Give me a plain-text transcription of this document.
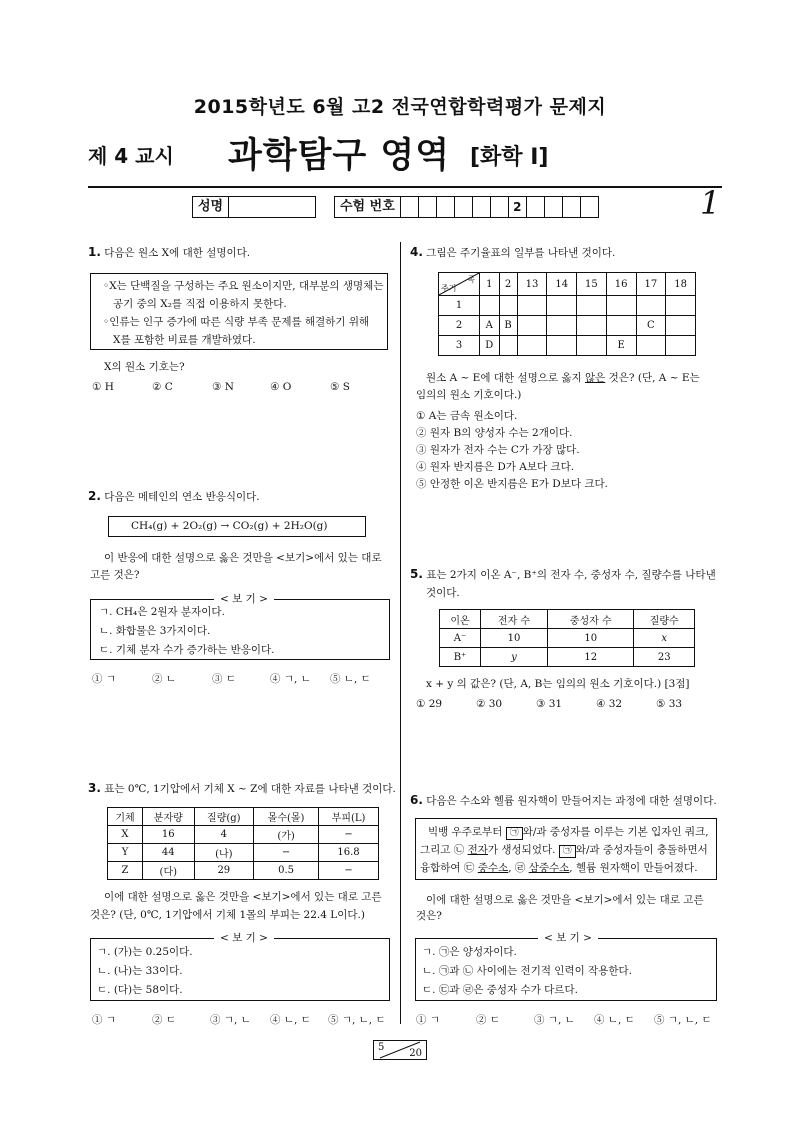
2015학년도 6월 고2 전국연합학력평가 문제지
제 4 교시 과학탐구 영역 [화학 Ⅰ]
성명	수험 번호	2	1
1. 다음은 원소 X에 대한 설명이다.
◦X는 단백질을 구성하는 주요 원소이지만, 대부분의 생명체는
공기 중의 X₂를 직접 이용하지 못한다.
◦인류는 인구 증가에 따른 식량 부족 문제를 해결하기 위해
X를 포함한 비료를 개발하였다.
X의 원소 기호는?
① H	② C	③ N	④ O	⑤ S
2. 다음은 메테인의 연소 반응식이다.
CH₄(g) + 2O₂(g) → CO₂(g) + 2H₂O(g)
이 반응에 대한 설명으로 옳은 것만을 <보기>에서 있는 대로
고른 것은?
ㄱ. CH₄은 2원자 분자이다.
ㄴ. 화합물은 3가지이다.
ㄷ. 기체 분자 수가 증가하는 반응이다.
< 보 기 >
① ㄱ	② ㄴ	③ ㄷ	④ ㄱ, ㄴ ⑤ ㄴ, ㄷ
3. 표는 0℃, 1기압에서 기체 X ~ Z에 대한 자료를 나타낸 것이다.
기체	분자량	질량(g)	몰수(몰)	부피(L)
X	16	4	(가)	−
Y	44	(나)	−	16.8
Z	(다)	29	0.5	−
이에 대한 설명으로 옳은 것만을 <보기>에서 있는 대로 고른
것은? (단, 0℃, 1기압에서 기체 1몰의 부피는 22.4 L이다.)
ㄱ. (가)는 0.25이다.
ㄴ. (나)는 33이다.
ㄷ. (다)는 58이다.
< 보 기 >
① ㄱ	② ㄷ	③ ㄱ, ㄴ ④ ㄴ, ㄷ ⑤ ㄱ, ㄴ, ㄷ
4. 그림은 주기율표의 일부를 나타낸 것이다.
족
주기	1	2	13	14	15	16	17	18
1								
2	A	B					C	
3	D					E		
원소 A ~ E에 대한 설명으로 옳지 않은 것은? (단, A ~ E는
임의의 원소 기호이다.)
① A는 금속 원소이다.
② 원자 B의 양성자 수는 2개이다.
③ 원자가 전자 수는 C가 가장 많다.
④ 원자 반지름은 D가 A보다 크다.
⑤ 안정한 이온 반지름은 E가 D보다 크다.
5. 표는 2가지 이온 A⁻, B⁺의 전자 수, 중성자 수, 질량수를 나타낸
것이다.
이온	전자 수	중성자 수	질량수
A⁻	10	10	x
B⁺	y	12	23
x + y 의 값은? (단, A, B는 임의의 원소 기호이다.) [3점]
① 29	② 30	③ 31	④ 32	⑤ 33
6. 다음은 수소와 헬륨 원자핵이 만들어지는 과정에 대한 설명이다.
빅뱅 우주로부터 ㉠ 와/과 중성자를 이루는 기본 입자인 쿼크,
그리고 ㉡ 전자가 생성되었다. ㉠ 와/과 중성자들이 충돌하면서
융합하여 ㉢ 중수소, ㉣ 삼중수소, 헬륨 원자핵이 만들어졌다.
이에 대한 설명으로 옳은 것만을 <보기>에서 있는 대로 고른
것은?
ㄱ. ㉠은 양성자이다.
ㄴ. ㉠과 ㉡ 사이에는 전기적 인력이 작용한다.
ㄷ. ㉢과 ㉣은 중성자 수가 다르다.
< 보 기 >
① ㄱ	② ㄷ	③ ㄱ, ㄴ ④ ㄴ, ㄷ ⑤ ㄱ, ㄴ, ㄷ
5
20
